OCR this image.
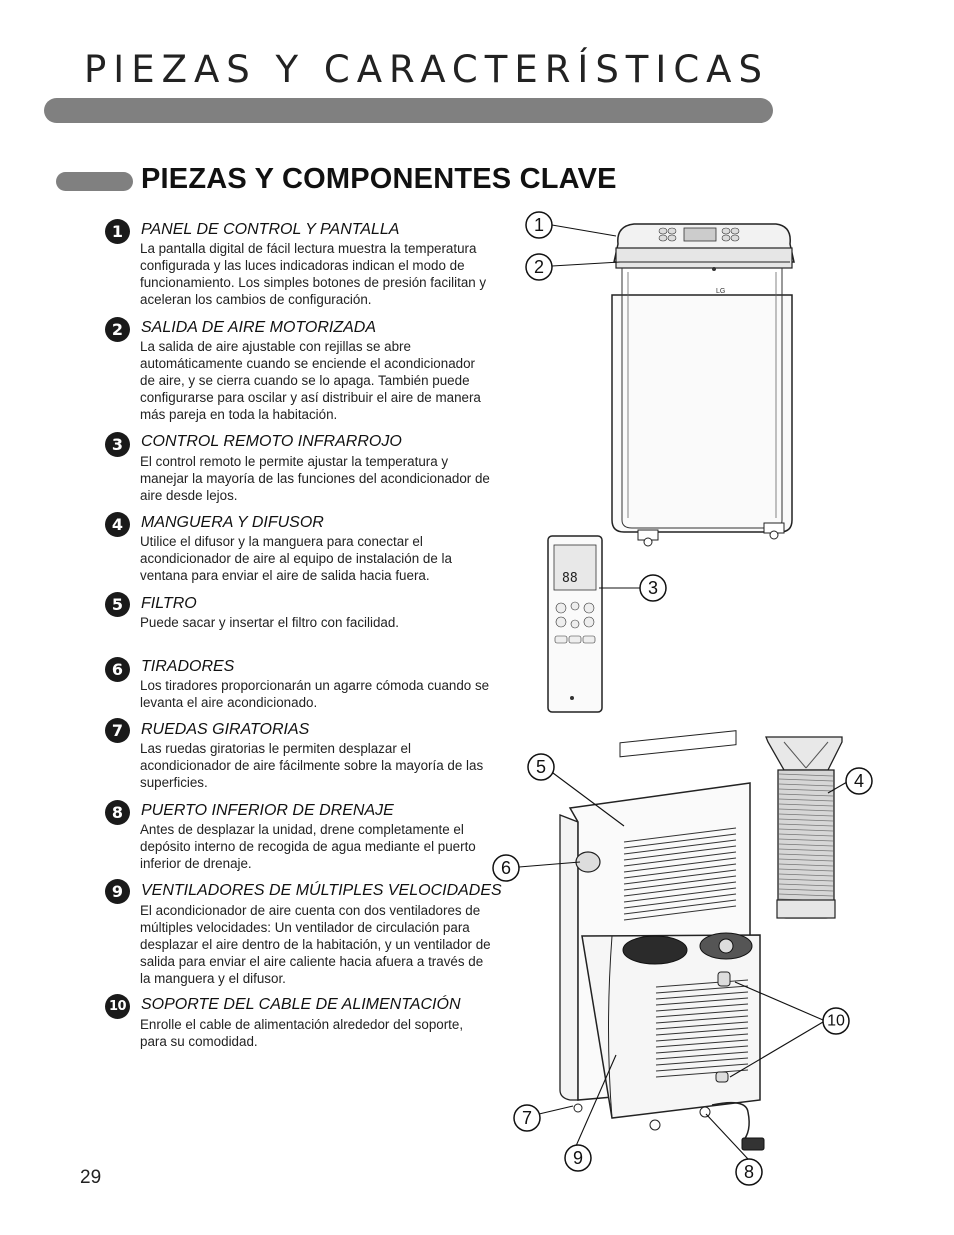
PIEZAS Y CARACTERÍSTICAS
PIEZAS Y COMPONENTES CLAVE
1	PANEL DE CONTROL Y PANTALLA

La pantalla digital de fácil lectura muestra la temperatura configurada y las luces indicadoras indican el modo de funcionamiento. Los simples botones de presión facilitan y aceleran los cambios de configuración.

2	SALIDA DE AIRE MOTORIZADA

La salida de aire ajustable con rejillas se abre automáticamente cuando se enciende el acondicionador de aire, y se cierra cuando se lo apaga. También puede configurarse para oscilar y así distribuir el aire de manera más pareja en toda la habitación.

3	CONTROL REMOTO INFRARROJO

El control remoto le permite ajustar la temperatura y manejar la mayoría de las funciones del acondicionador de aire desde lejos.

4	MANGUERA Y DIFUSOR

Utilice el difusor y la manguera para conectar el acondicionador de aire al equipo de instalación de la ventana para enviar el aire de salida hacia fuera.

5	FILTRO

Puede sacar y insertar el filtro con facilidad.

6	TIRADORES

Los tiradores proporcionarán un agarre cómoda cuando se levanta el aire acondicionado.

7	RUEDAS GIRATORIAS

Las ruedas giratorias le permiten desplazar el acondicionador de aire fácilmente sobre la mayoría de las superficies.

8	PUERTO INFERIOR DE DRENAJE

Antes de desplazar la unidad, drene completamente el depósito interno de recogida de agua mediante el puerto inferior de drenaje.

9	VENTILADORES DE MÚLTIPLES VELOCIDADES

El acondicionador de aire cuenta con dos ventiladores de múltiples velocidades: Un ventilador de circulación para desplazar el aire dentro de la habitación, y un ventilador de salida para enviar el aire caliente hacia afuera a través de la manguera y el difusor.

10 SOPORTE DEL CABLE DE ALIMENTACIÓN

Enrolle el cable de alimentación alrededor del soporte, para su comodidad.

29
LG
88
1
2
3
4
5
6
7
8
9
10
